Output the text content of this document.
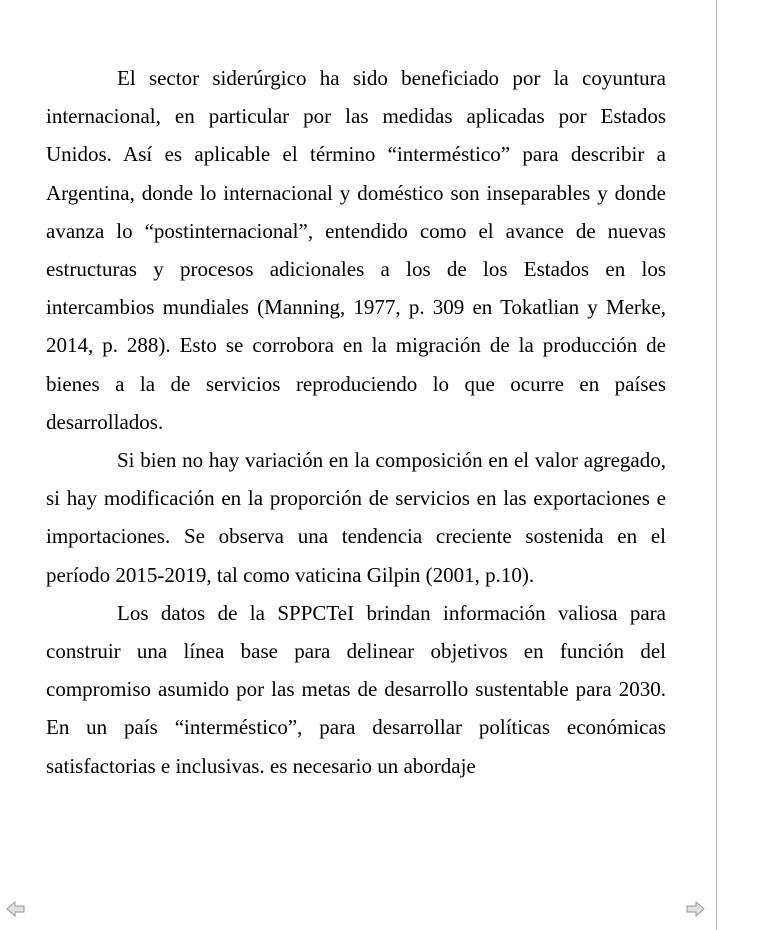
El sector siderúrgico ha sido beneficiado por la coyuntura internacional, en particular por las medidas aplicadas por Estados Unidos. Así es aplicable el término “interméstico” para describir a Argentina, donde lo internacional y doméstico son inseparables y donde avanza lo “postinternacional”, entendido como el avance de nuevas estructuras y procesos adicionales a los de los Estados en los intercambios mundiales (Manning, 1977, p. 309 en Tokatlian y Merke, 2014, p. 288). Esto se corrobora en la migración de la producción de bienes a la de servicios reproduciendo lo que ocurre en países desarrollados.

Si bien no hay variación en la composición en el valor agregado, si hay modificación en la proporción de servicios en las exportaciones e importaciones. Se observa una tendencia creciente sostenida en el período 2015-2019, tal como vaticina Gilpin (2001, p.10).

Los datos de la SPPCTeI brindan información valiosa para construir una línea base para delinear objetivos en función del compromiso asumido por las metas de desarrollo sustentable para 2030. En un país “interméstico”, para desarrollar políticas económicas satisfactorias e inclusivas. es necesario un abordaje
